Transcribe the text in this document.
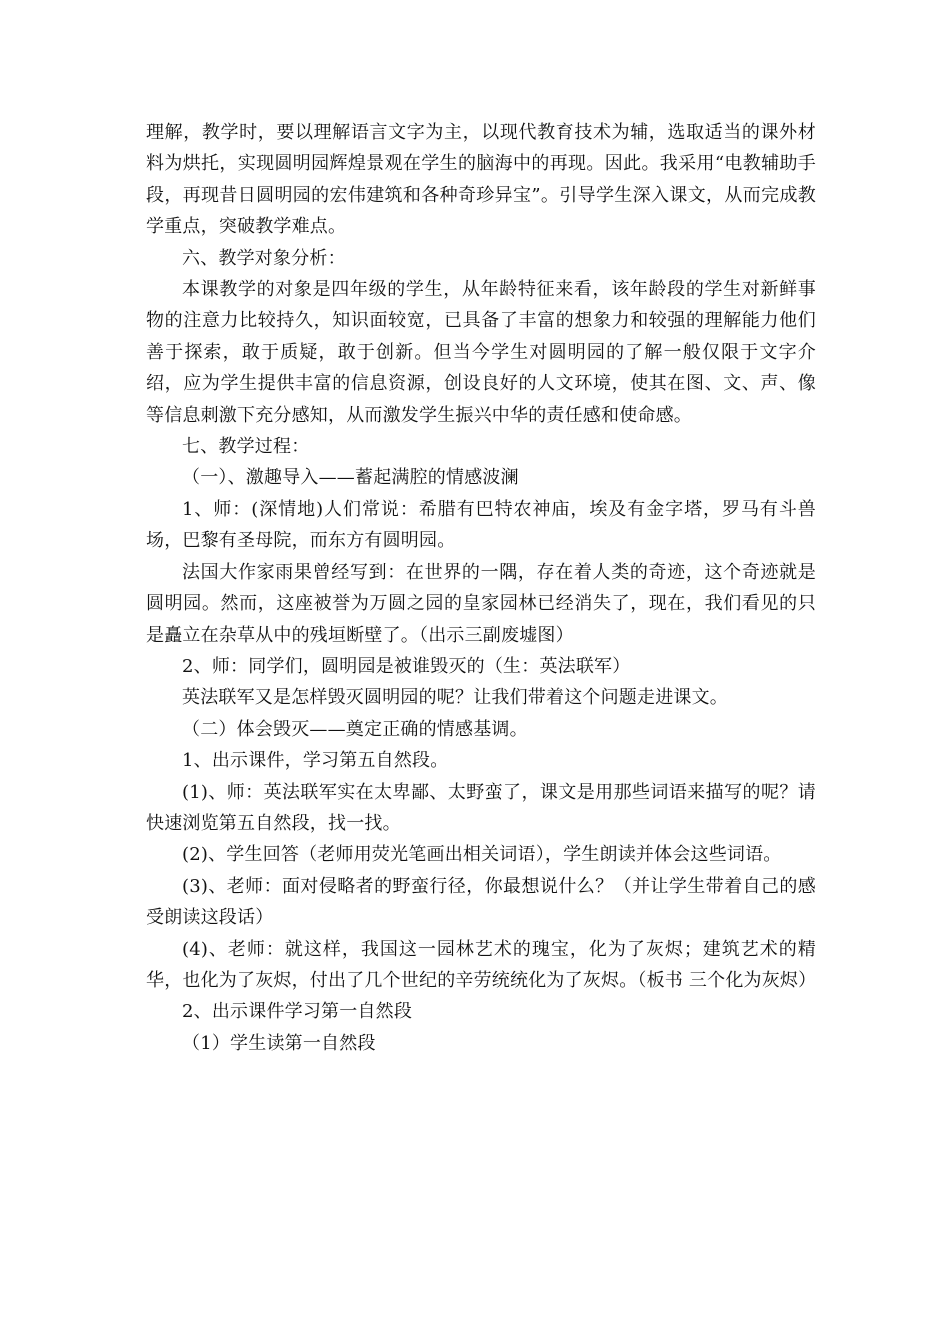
理解，教学时，要以理解语言文字为主，以现代教育技术为辅，选取适当的课外材料为烘托，实现圆明园辉煌景观在学生的脑海中的再现。因此。我采用“电教辅助手段，再现昔日圆明园的宏伟建筑和各种奇珍异宝”。引导学生深入课文，从而完成教学重点，突破教学难点。

六、教学对象分析：

本课教学的对象是四年级的学生，从年龄特征来看，该年龄段的学生对新鲜事物的注意力比较持久，知识面较宽，已具备了丰富的想象力和较强的理解能力他们善于探索，敢于质疑，敢于创新。但当今学生对圆明园的了解一般仅限于文字介绍，应为学生提供丰富的信息资源，创设良好的人文环境，使其在图、文、声、像等信息刺激下充分感知，从而激发学生振兴中华的责任感和使命感。

七、教学过程：

（一）、激趣导入——蓄起满腔的情感波澜

1、师：(深情地)人们常说：希腊有巴特农神庙，埃及有金字塔，罗马有斗兽场，巴黎有圣母院，而东方有圆明园。

法国大作家雨果曾经写到：在世界的一隅，存在着人类的奇迹，这个奇迹就是圆明园。然而，这座被誉为万圆之园的皇家园林已经消失了，现在，我们看见的只是矗立在杂草从中的残垣断壁了。（出示三副废墟图）

2、师：同学们，圆明园是被谁毁灭的（生：英法联军）

英法联军又是怎样毁灭圆明园的呢？让我们带着这个问题走进课文。

（二）体会毁灭——奠定正确的情感基调。

1、出示课件，学习第五自然段。

(1)、师：英法联军实在太卑鄙、太野蛮了，课文是用那些词语来描写的呢？请快速浏览第五自然段，找一找。

(2)、学生回答（老师用荧光笔画出相关词语），学生朗读并体会这些词语。

(3)、老师：面对侵略者的野蛮行径，你最想说什么？（并让学生带着自己的感受朗读这段话）

(4)、老师：就这样，我国这一园林艺术的瑰宝，化为了灰烬；建筑艺术的精华，也化为了灰烬，付出了几个世纪的辛劳统统化为了灰烬。（板书 三个化为灰烬）

2、出示课件学习第一自然段

（1）学生读第一自然段
